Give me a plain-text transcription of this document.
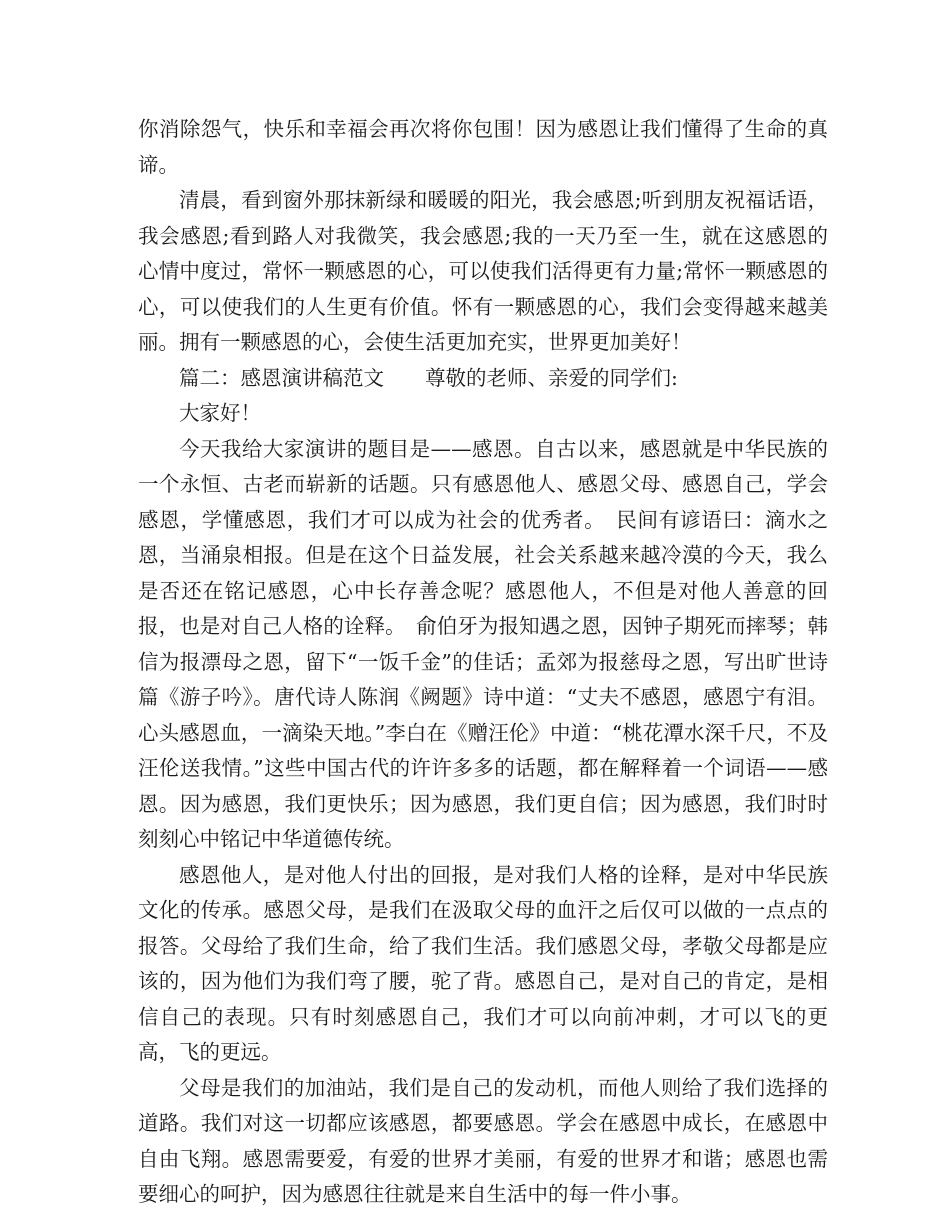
你消除怨气，快乐和幸福会再次将你包围！因为感恩让我们懂得了生命的真谛。

清晨，看到窗外那抹新绿和暖暖的阳光，我会感恩;听到朋友祝福话语，我会感恩;看到路人对我微笑，我会感恩;我的一天乃至一生，就在这感恩的心情中度过，常怀一颗感恩的心，可以使我们活得更有力量;常怀一颗感恩的心，可以使我们的人生更有价值。怀有一颗感恩的心，我们会变得越来越美丽。拥有一颗感恩的心，会使生活更加充实，世界更加美好！

篇二：感恩演讲稿范文　　尊敬的老师、亲爱的同学们:

大家好！

今天我给大家演讲的题目是——感恩。自古以来，感恩就是中华民族的一个永恒、古老而崭新的话题。只有感恩他人、感恩父母、感恩自己，学会感恩，学懂感恩，我们才可以成为社会的优秀者。　民间有谚语曰：滴水之恩，当涌泉相报。但是在这个日益发展，社会关系越来越冷漠的今天，我么是否还在铭记感恩，心中长存善念呢？感恩他人，不但是对他人善意的回报，也是对自己人格的诠释。　俞伯牙为报知遇之恩，因钟子期死而摔琴；韩信为报漂母之恩，留下“一饭千金”的佳话；孟郊为报慈母之恩，写出旷世诗篇《游子吟》。唐代诗人陈润《阙题》诗中道：“丈夫不感恩，感恩宁有泪。心头感恩血，一滴染天地。”李白在《赠汪伦》中道：“桃花潭水深千尺，不及汪伦送我情。”这些中国古代的许许多多的话题，都在解释着一个词语——感恩。因为感恩，我们更快乐；因为感恩，我们更自信；因为感恩，我们时时刻刻心中铭记中华道德传统。

感恩他人，是对他人付出的回报，是对我们人格的诠释，是对中华民族文化的传承。感恩父母，是我们在汲取父母的血汗之后仅可以做的一点点的报答。父母给了我们生命，给了我们生活。我们感恩父母，孝敬父母都是应该的，因为他们为我们弯了腰，驼了背。感恩自己，是对自己的肯定，是相信自己的表现。只有时刻感恩自己，我们才可以向前冲刺，才可以飞的更高，飞的更远。

父母是我们的加油站，我们是自己的发动机，而他人则给了我们选择的道路。我们对这一切都应该感恩，都要感恩。学会在感恩中成长，在感恩中自由飞翔。感恩需要爱，有爱的世界才美丽，有爱的世界才和谐；感恩也需要细心的呵护，因为感恩往往就是来自生活中的每一件小事。
